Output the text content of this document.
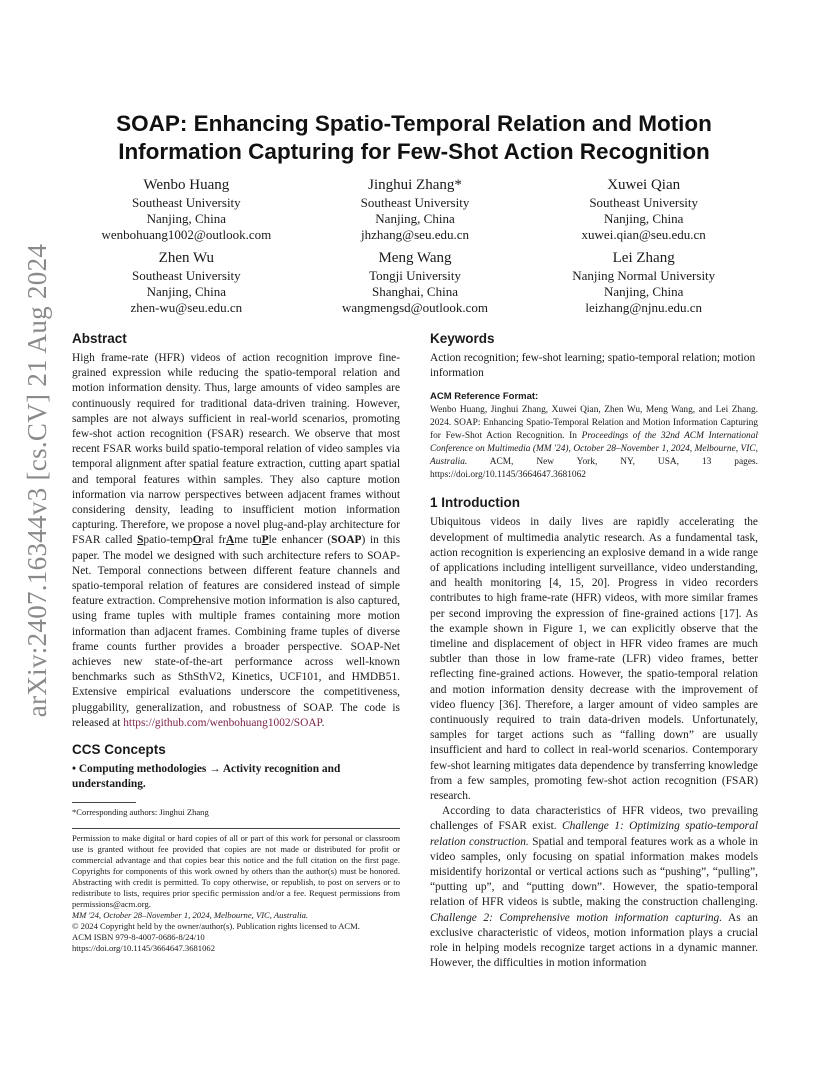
arXiv:2407.16344v3 [cs.CV] 21 Aug 2024
SOAP: Enhancing Spatio-Temporal Relation and Motion
Information Capturing for Few-Shot Action Recognition
Wenbo Huang
Southeast University
Nanjing, China
wenbohuang1002@outlook.com
Jinghui Zhang*
Southeast University
Nanjing, China
jhzhang@seu.edu.cn
Xuwei Qian
Southeast University
Nanjing, China
xuwei.qian@seu.edu.cn
Zhen Wu
Southeast University
Nanjing, China
zhen-wu@seu.edu.cn
Meng Wang
Tongji University
Shanghai, China
wangmengsd@outlook.com
Lei Zhang
Nanjing Normal University
Nanjing, China
leizhang@njnu.edu.cn
Abstract

High frame-rate (HFR) videos of action recognition improve fine-grained expression while reducing the spatio-temporal relation and motion information density. Thus, large amounts of video samples are continuously required for traditional data-driven training. However, samples are not always sufficient in real-world scenarios, promoting few-shot action recognition (FSAR) research. We observe that most recent FSAR works build spatio-temporal relation of video samples via temporal alignment after spatial feature extraction, cutting apart spatial and temporal features within samples. They also capture motion information via narrow perspectives between adjacent frames without considering density, leading to insufficient motion information capturing. Therefore, we propose a novel plug-and-play architecture for FSAR called Spatio-tempOral frAme tuPle enhancer (SOAP) in this paper. The model we designed with such architecture refers to SOAP-Net. Temporal connections between different feature channels and spatio-temporal relation of features are considered instead of simple feature extraction. Comprehensive motion information is also captured, using frame tuples with multiple frames containing more motion information than adjacent frames. Combining frame tuples of diverse frame counts further provides a broader perspective. SOAP-Net achieves new state-of-the-art performance across well-known benchmarks such as SthSthV2, Kinetics, UCF101, and HMDB51. Extensive empirical evaluations underscore the competitiveness, pluggability, generalization, and robustness of SOAP. The code is released at https://github.com/wenbohuang1002/SOAP.

CCS Concepts
• Computing methodologies → Activity recognition and understanding.
*Corresponding authors: Jinghui Zhang
Permission to make digital or hard copies of all or part of this work for personal or classroom use is granted without fee provided that copies are not made or distributed for profit or commercial advantage and that copies bear this notice and the full citation on the first page. Copyrights for components of this work owned by others than the author(s) must be honored. Abstracting with credit is permitted. To copy otherwise, or republish, to post on servers or to redistribute to lists, requires prior specific permission and/or a fee. Request permissions from permissions@acm.org.
MM '24, October 28–November 1, 2024, Melbourne, VIC, Australia.
© 2024 Copyright held by the owner/author(s). Publication rights licensed to ACM.
ACM ISBN 979-8-4007-0686-8/24/10
https://doi.org/10.1145/3664647.3681062
Keywords

Action recognition; few-shot learning; spatio-temporal relation; motion information

ACM Reference Format:
Wenbo Huang, Jinghui Zhang, Xuwei Qian, Zhen Wu, Meng Wang, and Lei Zhang. 2024. SOAP: Enhancing Spatio-Temporal Relation and Motion Information Capturing for Few-Shot Action Recognition. In Proceedings of the 32nd ACM International Conference on Multimedia (MM '24), October 28–November 1, 2024, Melbourne, VIC, Australia. ACM, New York, NY, USA, 13 pages. https://doi.org/10.1145/3664647.3681062
1 Introduction

Ubiquitous videos in daily lives are rapidly accelerating the development of multimedia analytic research. As a fundamental task, action recognition is experiencing an explosive demand in a wide range of applications including intelligent surveillance, video understanding, and health monitoring [4, 15, 20]. Progress in video recorders contributes to high frame-rate (HFR) videos, with more similar frames per second improving the expression of fine-grained actions [17]. As the example shown in Figure 1, we can explicitly observe that the timeline and displacement of object in HFR video frames are much subtler than those in low frame-rate (LFR) video frames, better reflecting fine-grained actions. However, the spatio-temporal relation and motion information density decrease with the improvement of video fluency [36]. Therefore, a larger amount of video samples are continuously required to train data-driven models. Unfortunately, samples for target actions such as “falling down” are usually insufficient and hard to collect in real-world scenarios. Contemporary few-shot learning mitigates data dependence by transferring knowledge from a few samples, promoting few-shot action recognition (FSAR) research.

According to data characteristics of HFR videos, two prevailing challenges of FSAR exist. Challenge 1: Optimizing spatio-temporal relation construction. Spatial and temporal features work as a whole in video samples, only focusing on spatial information makes models misidentify horizontal or vertical actions such as “pushing”, “pulling”, “putting up”, and “putting down”. However, the spatio-temporal relation of HFR videos is subtle, making the construction challenging. Challenge 2: Comprehensive motion information capturing. As an exclusive characteristic of videos, motion information plays a crucial role in helping models recognize target actions in a dynamic manner. However, the difficulties in motion information
